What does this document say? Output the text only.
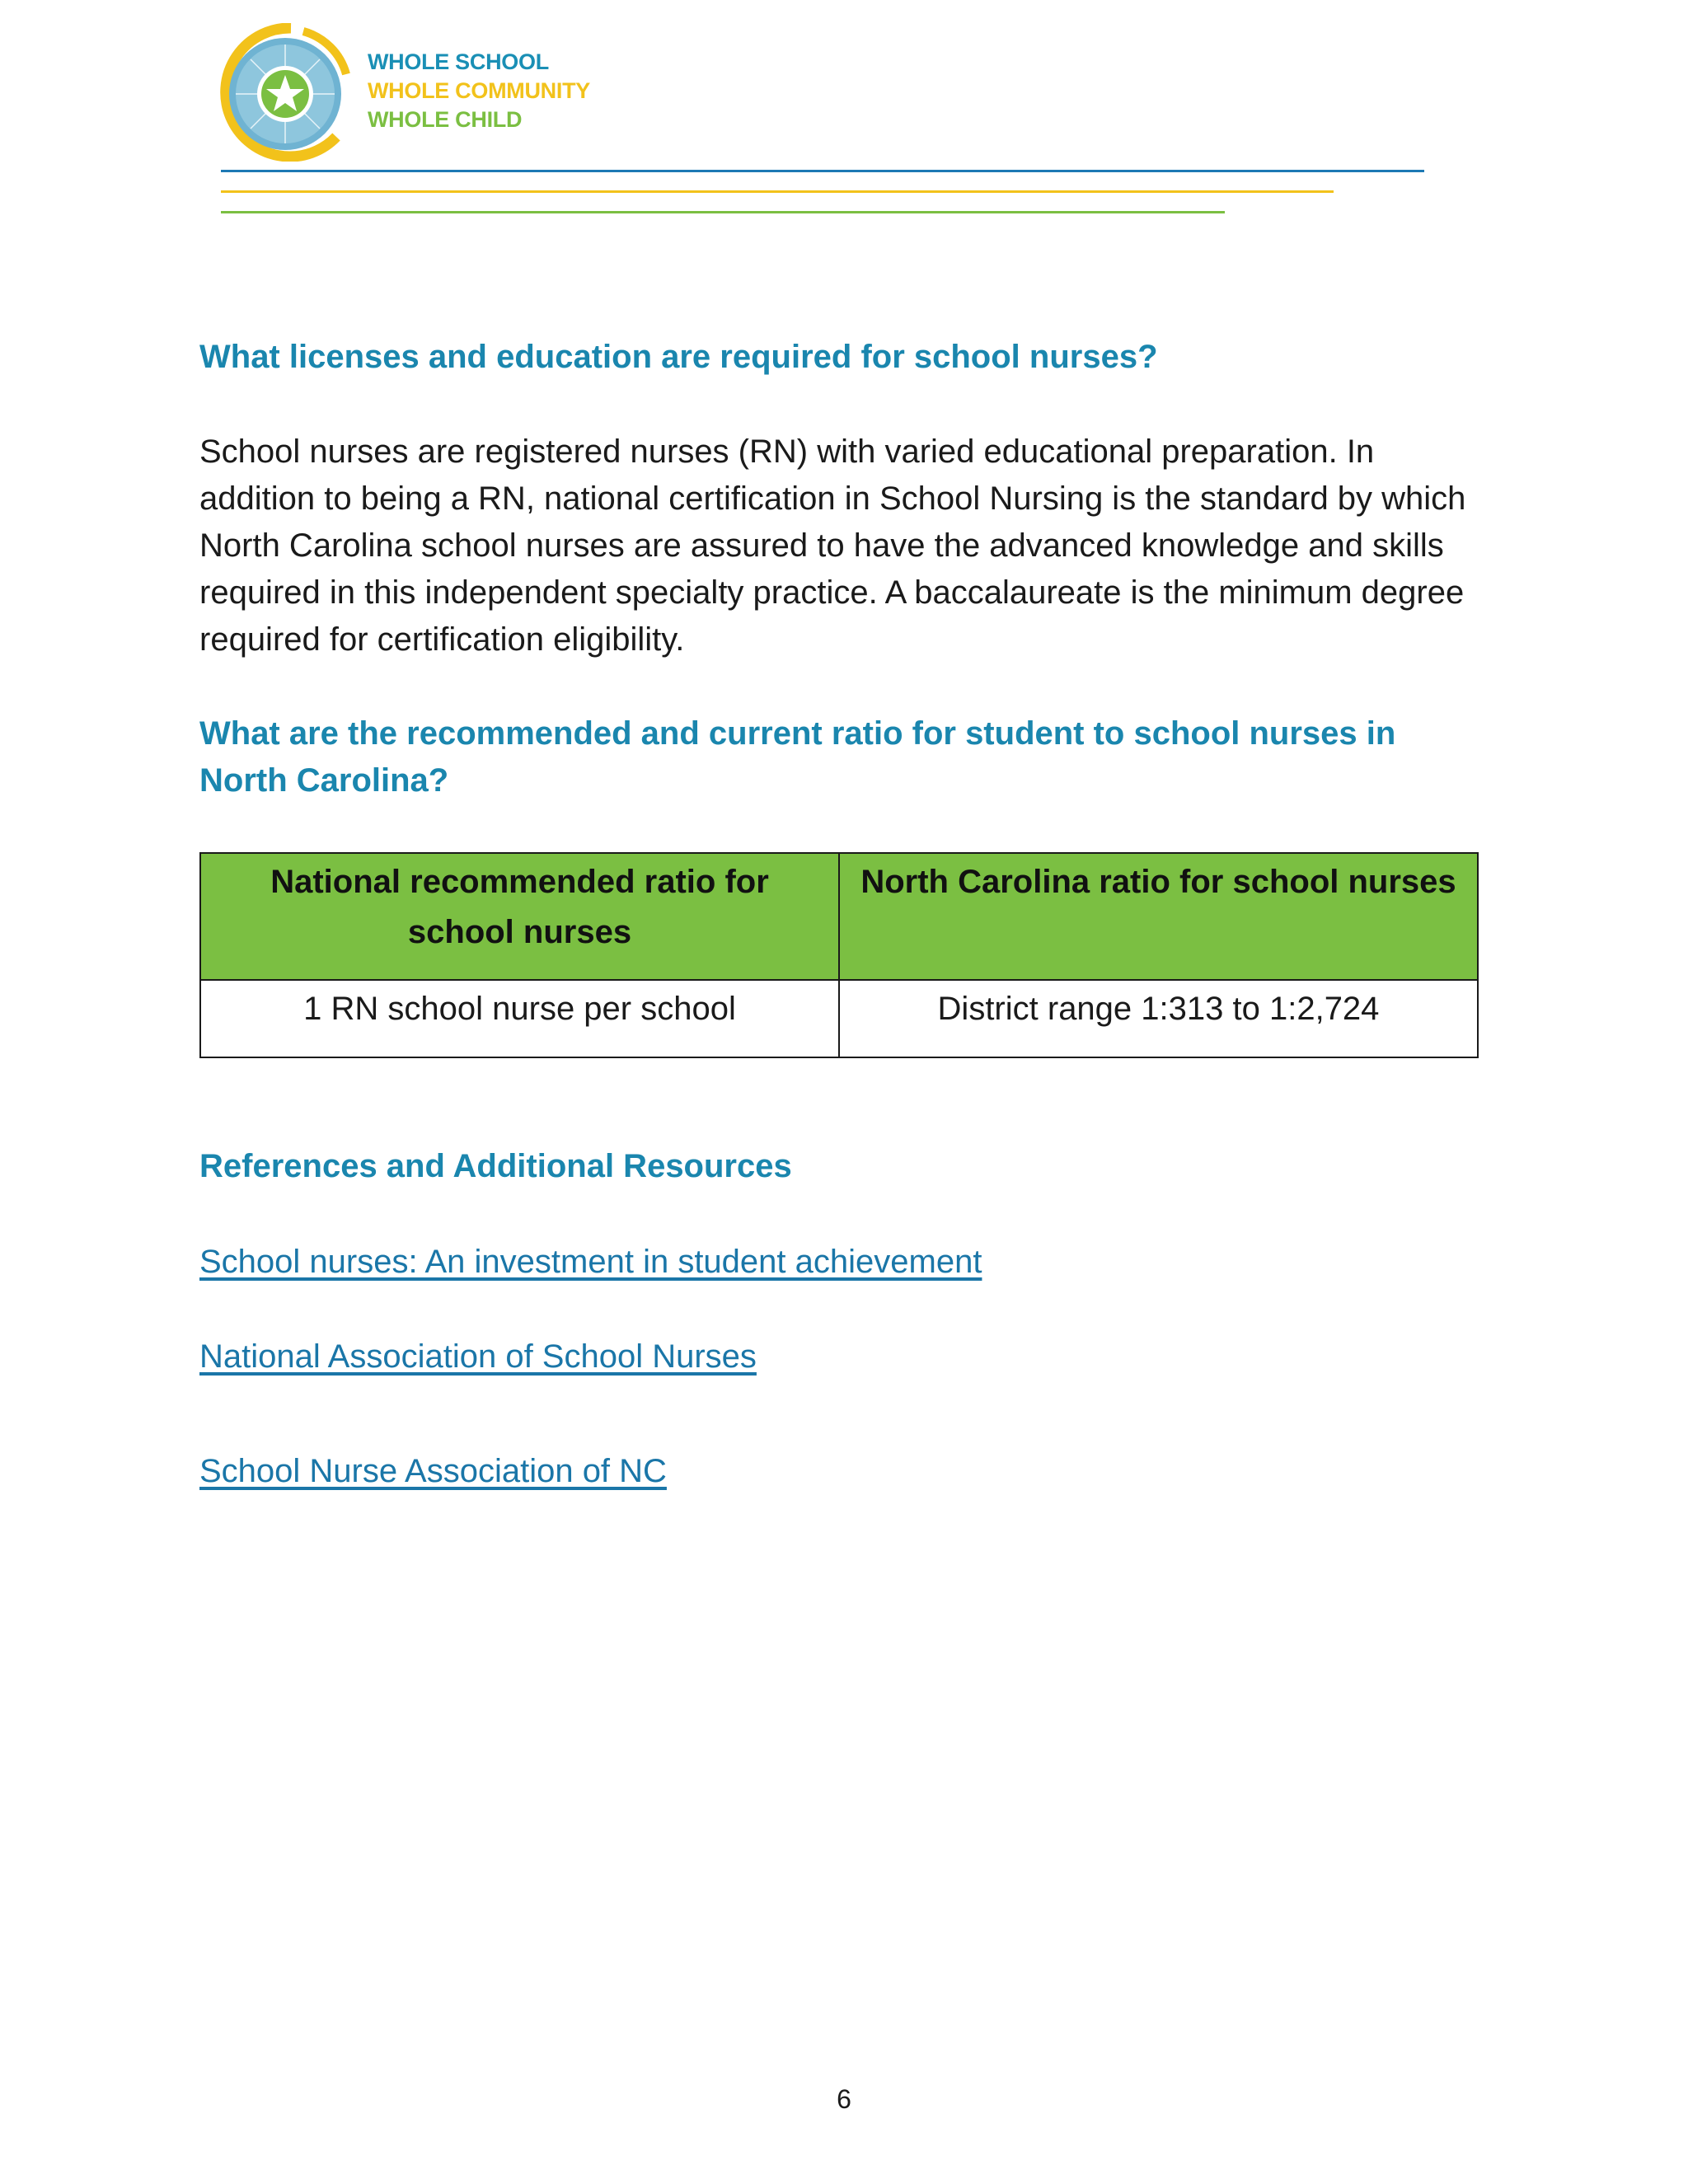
WHOLE SCHOOL
WHOLE COMMUNITY
WHOLE CHILD
What licenses and education are required for school nurses?

School nurses are registered nurses (RN) with varied educational preparation. In addition to being a RN, national certification in School Nursing is the standard by which North Carolina school nurses are assured to have the advanced knowledge and skills required in this independent specialty practice. A baccalaureate is the minimum degree required for certification eligibility.

What are the recommended and current ratio for student to school nurses in North Carolina?
National recommended ratio for school nurses	North Carolina ratio for school nurses
1 RN school nurse per school	District range 1:313 to 1:2,724
References and Additional Resources
School nurses: An investment in student achievement
National Association of School Nurses
School Nurse Association of NC
6
